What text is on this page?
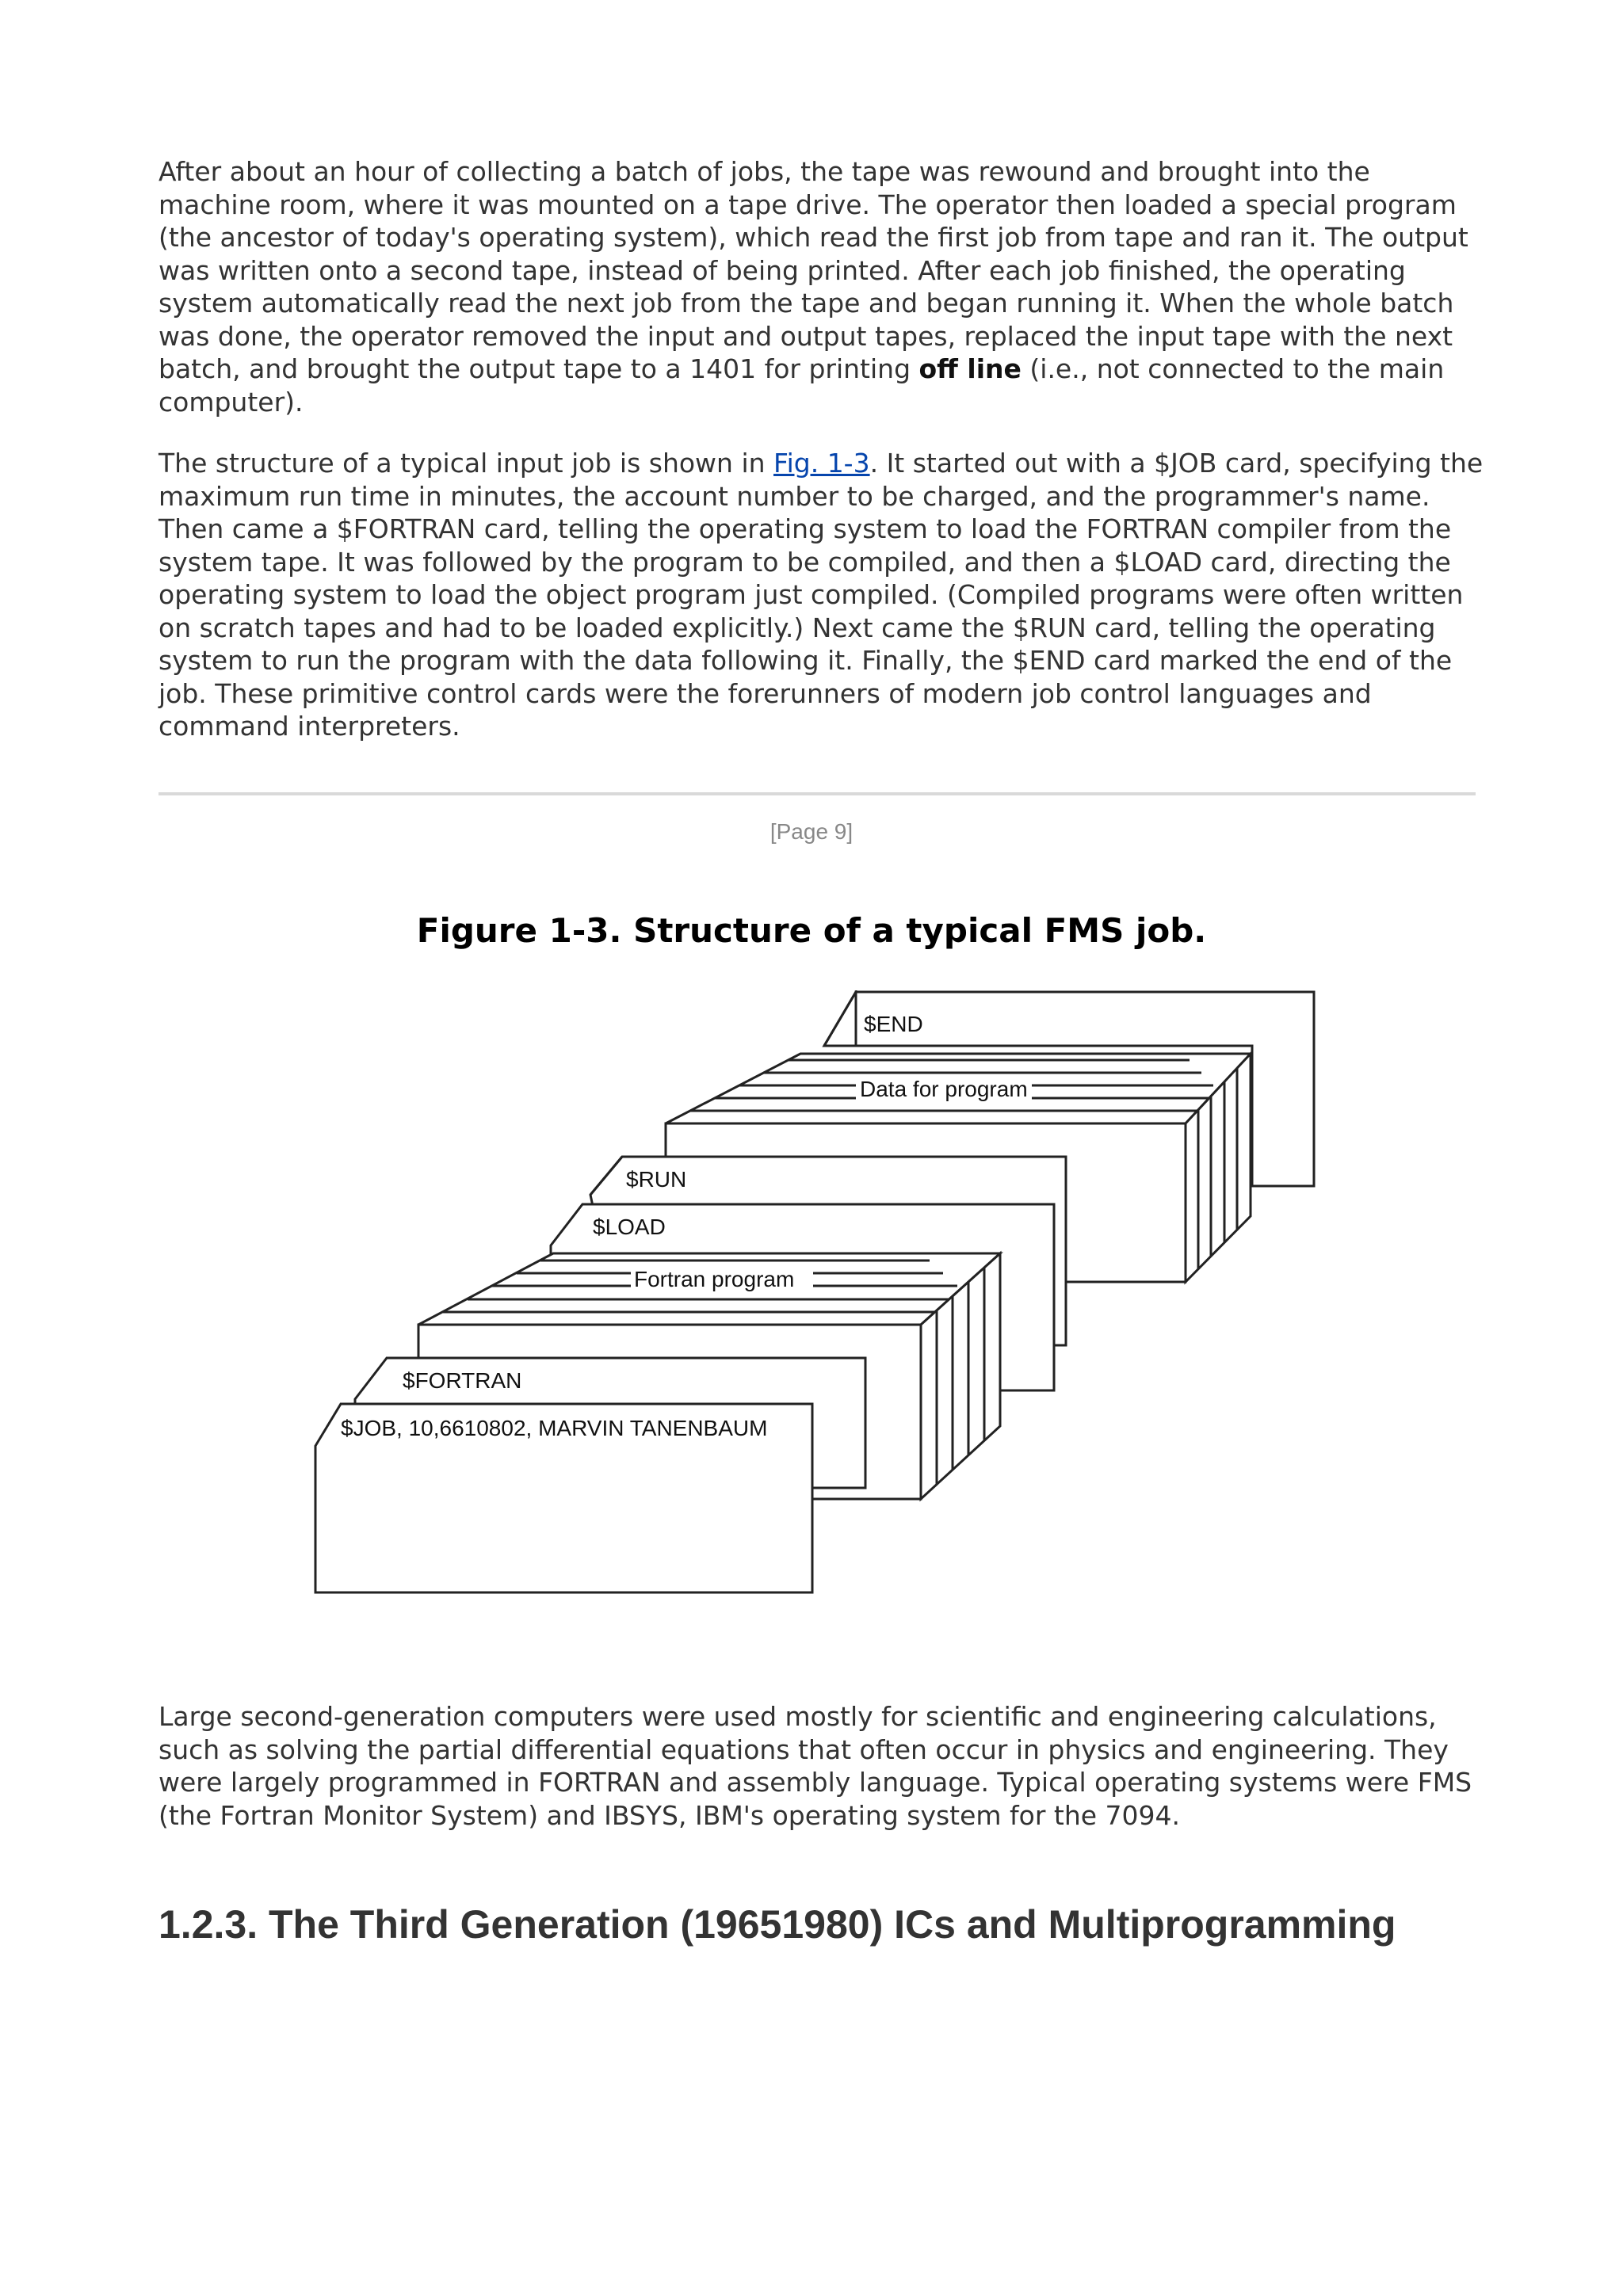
After about an hour of collecting a batch of jobs, the tape was rewound and brought into the machine room, where it was mounted on a tape drive. The operator then loaded a special program (the ancestor of today's operating system), which read the first job from tape and ran it. The output was written onto a second tape, instead of being printed. After each job finished, the operating system automatically read the next job from the tape and began running it. When the whole batch was done, the operator removed the input and output tapes, replaced the input tape with the next batch, and brought the output tape to a 1401 for printing off line (i.e., not connected to the main computer).

The structure of a typical input job is shown in Fig. 1-3. It started out with a $JOB card, specifying the maximum run time in minutes, the account number to be charged, and the programmer's name. Then came a $FORTRAN card, telling the operating system to load the FORTRAN compiler from the system tape. It was followed by the program to be compiled, and then a $LOAD card, directing the operating system to load the object program just compiled. (Compiled programs were often written on scratch tapes and had to be loaded explicitly.) Next came the $RUN card, telling the operating system to run the program with the data following it. Finally, the $END card marked the end of the job. These primitive control cards were the forerunners of modern job control languages and command interpreters.

[Page 9]
Figure 1-3. Structure of a typical FMS job.
$END
Data for program
$RUN
$LOAD
Fortran program
$FORTRAN
$JOB, 10,6610802, MARVIN TANENBAUM

Large second-generation computers were used mostly for scientific and engineering calculations, such as solving the partial differential equations that often occur in physics and engineering. They were largely programmed in FORTRAN and assembly language. Typical operating systems were FMS (the Fortran Monitor System) and IBSYS, IBM's operating system for the 7094.

1.2.3. The Third Generation (19651980) ICs and Multiprogramming
